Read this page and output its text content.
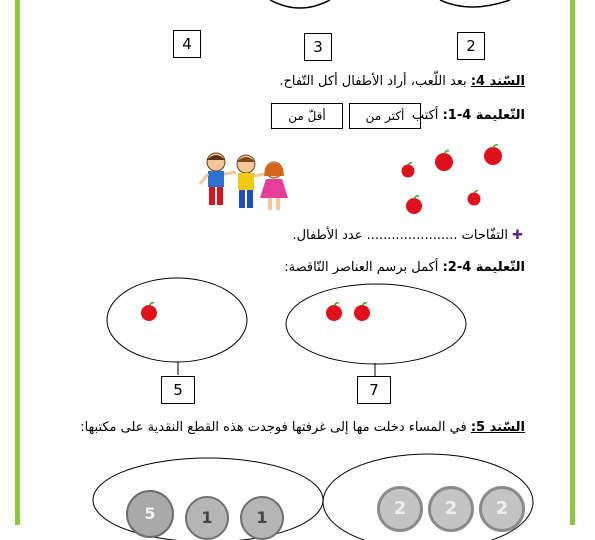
4	3	2
السّند 4: بعد اللّعب، أراد الأطفال أكل التّفاح.
التّعليمة 4-1: أكتب
أكثر من
أقلّ من
✚ التفّاحات ...................... عدد الأطفال.
التّعليمة 4-2: أكمل برسم العناصر النّاقصة:
5	7
السّند 5: في المساء دخلت مها إلى غرفتها فوجدت هذه القطع النقدية على مكتبها:
5	1	1	2	2	2
